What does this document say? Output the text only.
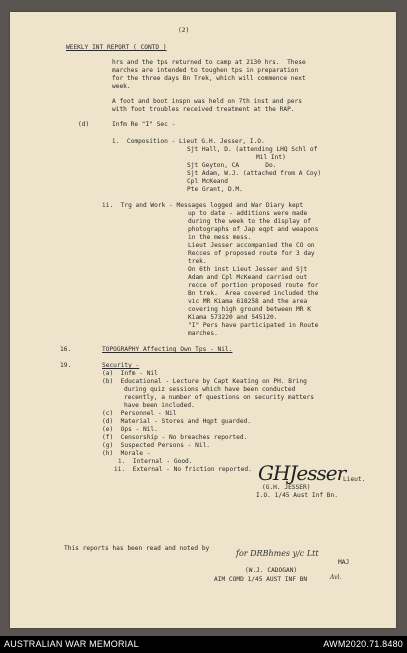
(2)
WEEKLY INT REPORT ( CONTD )
hrs and the tps returned to camp at 2130 hrs.  These
marches are intended to toughen tps in preparation
for the three days Bn Trek, which will commence next
week.
A foot and boot inspn was held on 7th inst and pers
with foot troubles received treatment at the RAP.
(d)	Infm Re "I" Sec -
i.  Composition - Lieut G.H. Jesser, I.O.
Sjt Hall, D. (attending LHQ Schl of
Mil Int)
Sjt Geyton, CA       Do.
Sjt Adam, W.J. (attached from A Coy)
Cpl McKeand
Pte Grant, D.M.
ii.  Trg and Work - Messages logged and War Diary kept
up to date - additions were made
during the week to the display of
photographs of Jap eqpt and weapons
in the mess mess.
Lieut Jesser accompanied the CO on
Recces of proposed route for 3 day
trek.
On 6th inst Lieut Jesser and Sjt
Adam and Cpl McKeand carried out
recce of portion proposed route for
Bn trek.  Area covered included the
vic MR Kiama 618258 and the area
covering high ground between MR K
Kiama 573220 and 545120.
"I" Pers have participated in Route
marches.
16.	TOPOGRAPHY Affecting Own Tps - Nil.
19.	Security -
(a)  Infm - Nil
(b)  Educational - Lecture by Capt Keating on PH. Bring
during quiz sessions which have been conducted
recently, a number of questions on security matters
have been included.
(c)  Personnel - Nil
(d)  Material - Stores and Hqpt guarded.
(e)  Ops - Nil.
(f)  Censorship - No breaches reported.
(g)  Suspected Persons - Nil.
(h)  Morale -
i.  Internal - Good.
ii.  External - No friction reported. GHJesser
Lieut.
(G.H. JESSER)
I.O. 1/45 Aust Inf Bn.
This reports has been read and noted by
for DRBhmes y/c Ltt
MAJ
(W.J. CADOGAN)
AIM COMD 1/45 AUST INF BN	Avl.
AUSTRALIAN WAR MEMORIAL	AWM2020.71.8480
